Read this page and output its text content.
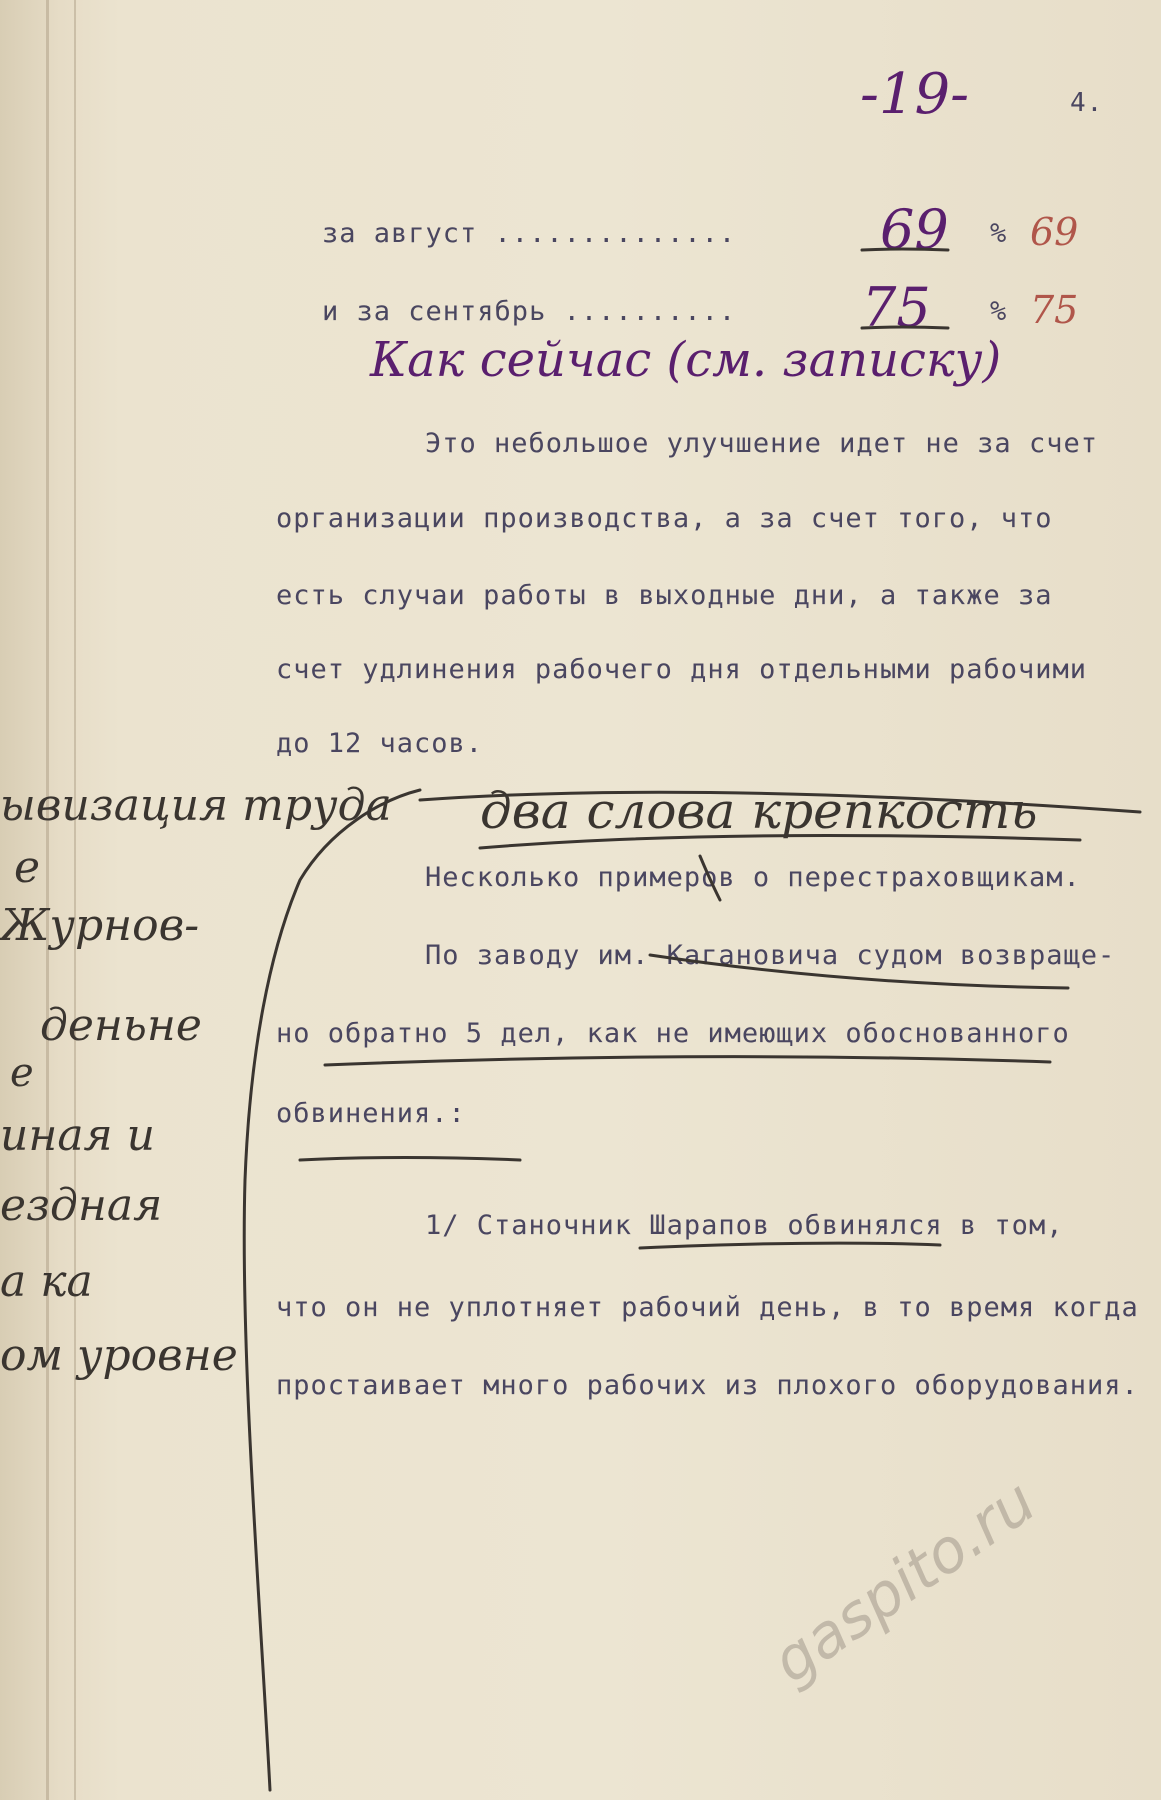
-19-	4.
за август ..............	69 % 69
и за сентябрь .......... 75 % 75
Как сейчас (см. записку)
Это небольшое улучшение идет не за счет
организации производства, а за счет того, что
есть случаи работы в выходные дни, а также за
счет удлинения рабочего дня отдельными рабочими
до 12 часов.
два слова крепкость
ывизация труда
Несколько примеров о перестраховщикам.
По заводу им. Кагановича судом возвраще-
но обратно 5 дел, как не имеющих обоснованного
обвинения.:
1/ Станочник Шарапов обвинялся в том,
что он не уплотняет рабочий день, в то время когда
простаивает много рабочих из плохого оборудования.
е
Журнов-
деньне
е
иная и
ездная
а ка
ом уровне
gaspito.ru
